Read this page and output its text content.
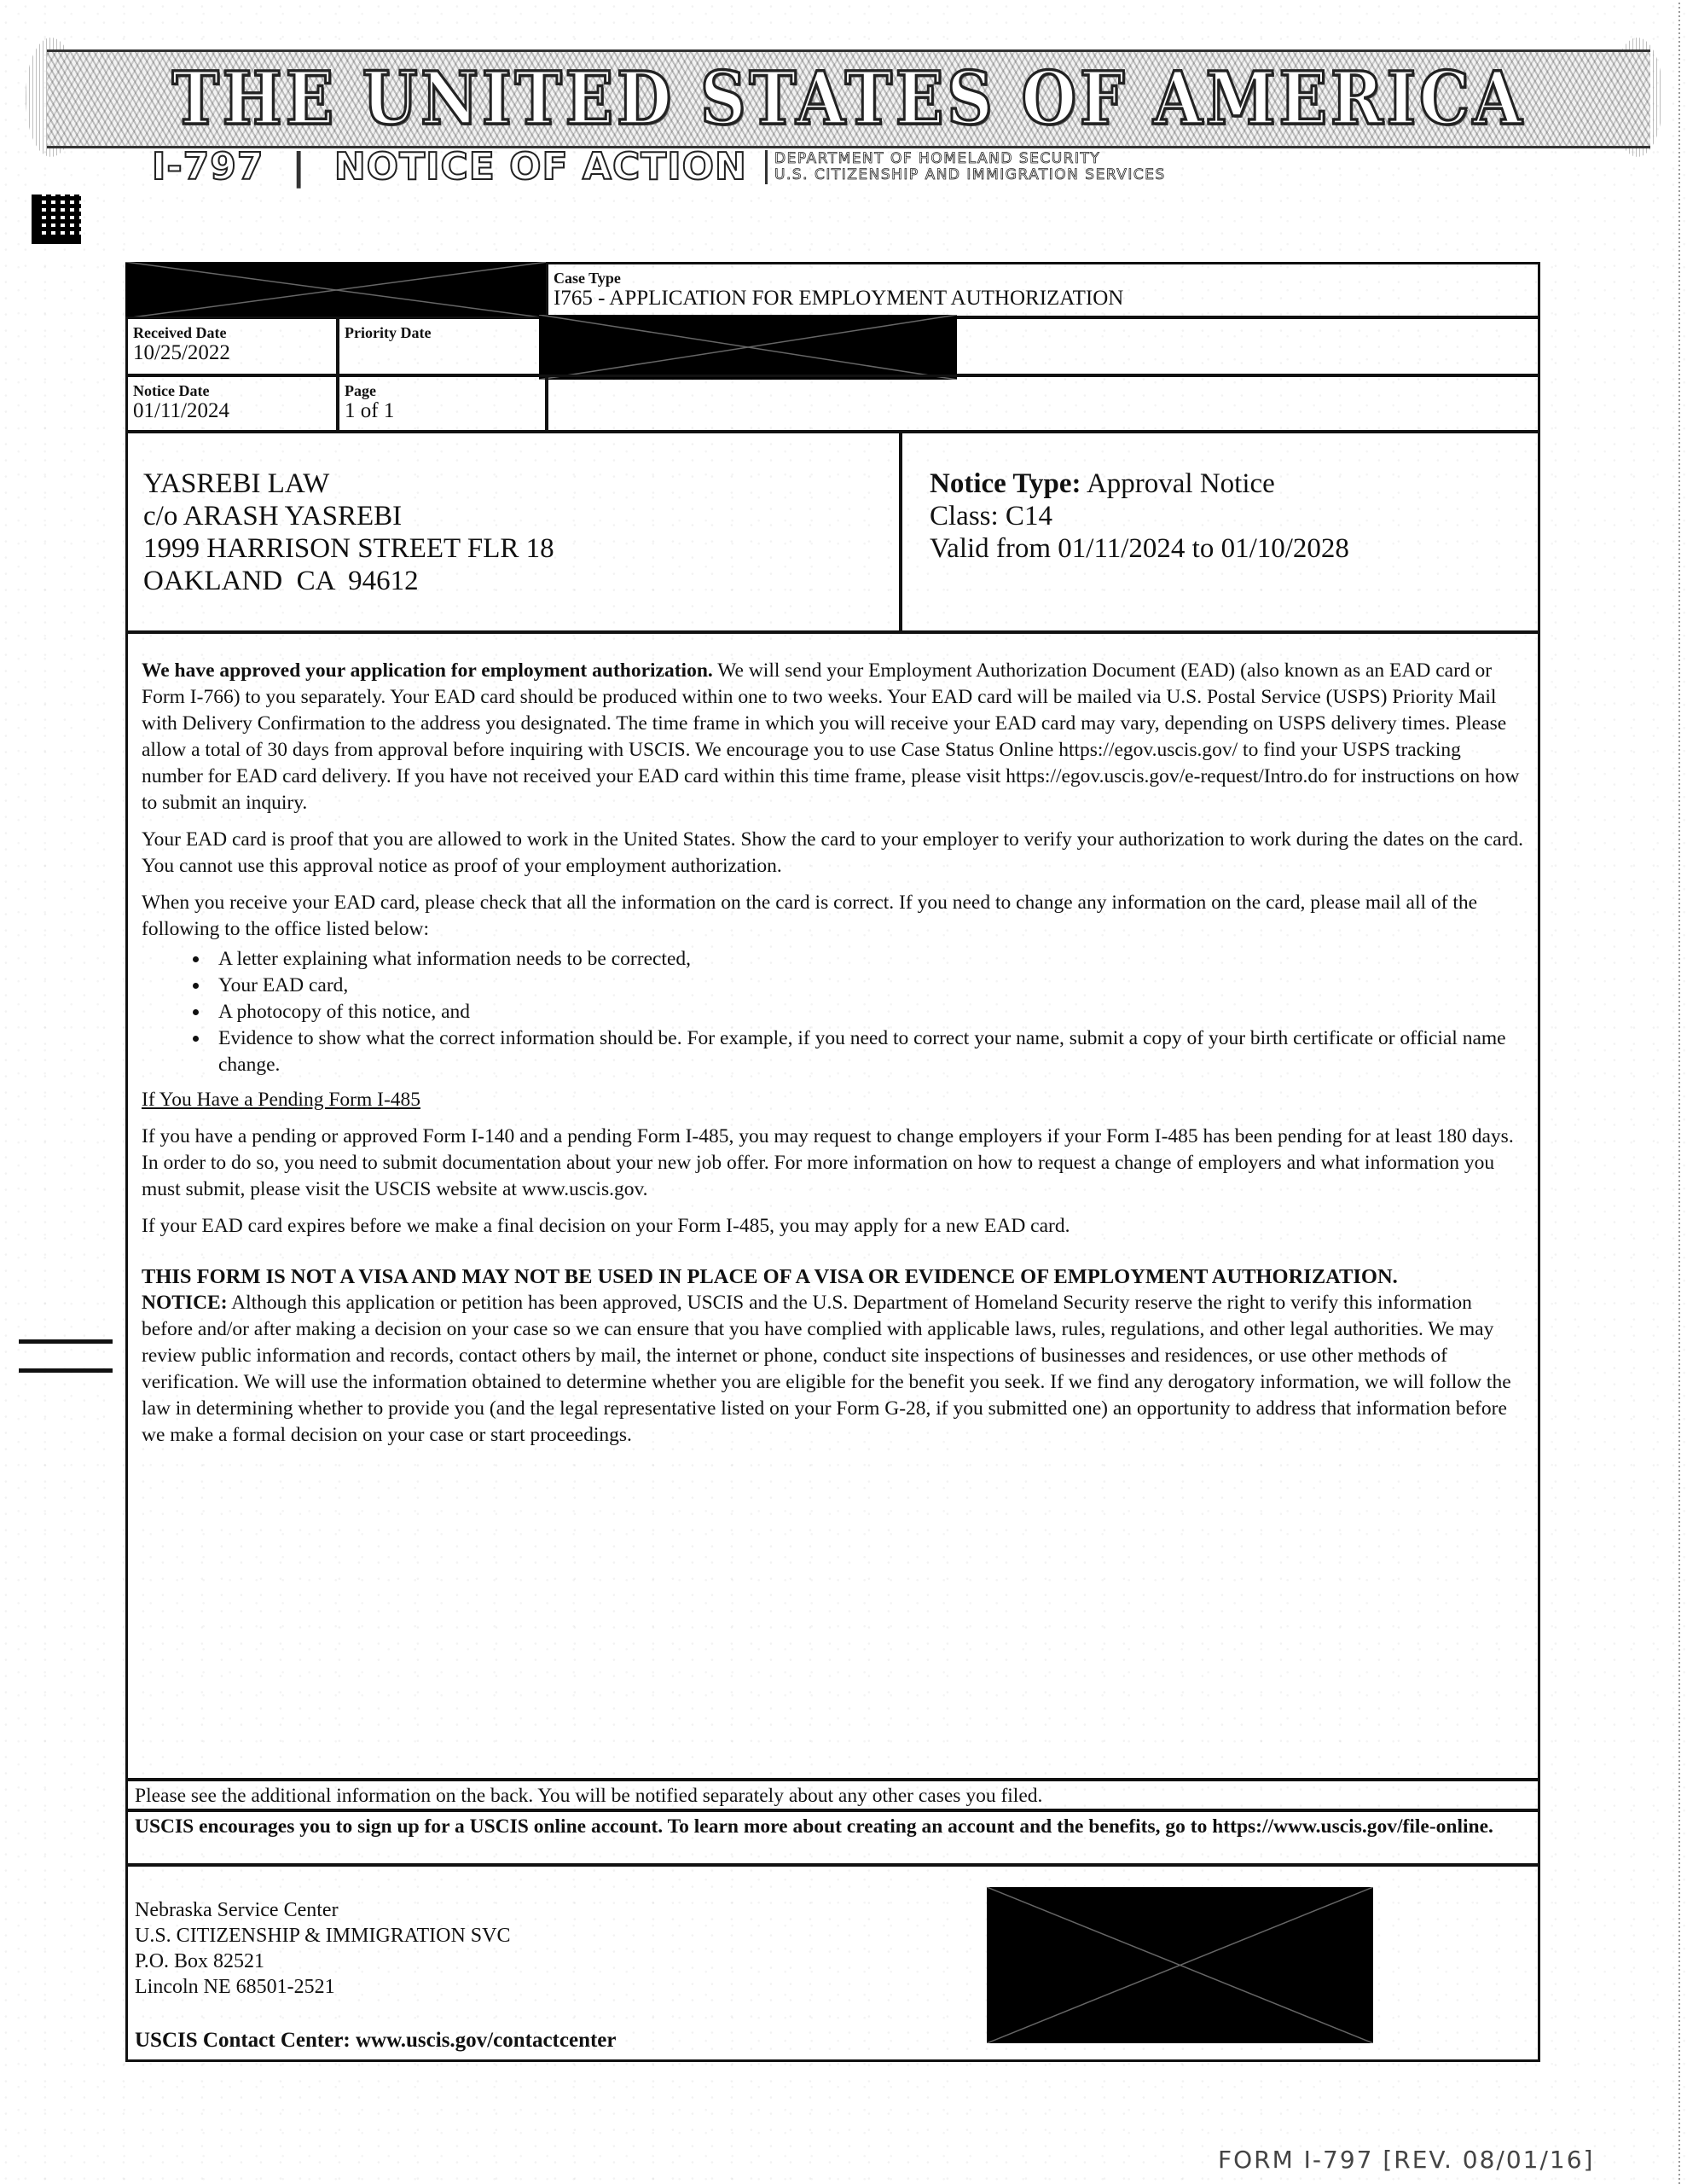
THE UNITED STATES OF AMERICA
I-797  |  NOTICE OF ACTION DEPARTMENT OF HOMELAND SECURITY
U.S. CITIZENSHIP AND IMMIGRATION SERVICES
Case Type
I765 - APPLICATION FOR EMPLOYMENT AUTHORIZATION
Received Date
10/25/2022
Priority Date
Notice Date
01/11/2024
Page
1 of 1
YASREBI LAW
c/o ARASH YASREBI
1999 HARRISON STREET FLR 18
OAKLAND  CA  94612
Notice Type: Approval Notice
Class: C14
Valid from 01/11/2024 to 01/10/2028

We have approved your application for employment authorization. We will send your Employment Authorization Document (EAD) (also known as an EAD card or Form I-766) to you separately. Your EAD card should be produced within one to two weeks. Your EAD card will be mailed via U.S. Postal Service (USPS) Priority Mail with Delivery Confirmation to the address you designated. The time frame in which you will receive your EAD card may vary, depending on USPS delivery times. Please allow a total of 30 days from approval before inquiring with USCIS. We encourage you to use Case Status Online https://egov.uscis.gov/ to find your USPS tracking number for EAD card delivery. If you have not received your EAD card within this time frame, please visit https://egov.uscis.gov/e-request/Intro.do for instructions on how to submit an inquiry.

Your EAD card is proof that you are allowed to work in the United States. Show the card to your employer to verify your authorization to work during the dates on the card. You cannot use this approval notice as proof of your employment authorization.

When you receive your EAD card, please check that all the information on the card is correct. If you need to change any information on the card, please mail all of the following to the office listed below:

• A letter explaining what information needs to be corrected,
• Your EAD card,
• A photocopy of this notice, and
• Evidence to show what the correct information should be. For example, if you need to correct your name, submit a copy of your birth certificate or official name change.

If You Have a Pending Form I-485

If you have a pending or approved Form I-140 and a pending Form I-485, you may request to change employers if your Form I-485 has been pending for at least 180 days. In order to do so, you need to submit documentation about your new job offer. For more information on how to request a change of employers and what information you must submit, please visit the USCIS website at www.uscis.gov.

If your EAD card expires before we make a final decision on your Form I-485, you may apply for a new EAD card.

THIS FORM IS NOT A VISA AND MAY NOT BE USED IN PLACE OF A VISA OR EVIDENCE OF EMPLOYMENT AUTHORIZATION.
NOTICE: Although this application or petition has been approved, USCIS and the U.S. Department of Homeland Security reserve the right to verify this information before and/or after making a decision on your case so we can ensure that you have complied with applicable laws, rules, regulations, and other legal authorities. We may review public information and records, contact others by mail, the internet or phone, conduct site inspections of businesses and residences, or use other methods of verification. We will use the information obtained to determine whether you are eligible for the benefit you seek. If we find any derogatory information, we will follow the law in determining whether to provide you (and the legal representative listed on your Form G-28, if you submitted one) an opportunity to address that information before we make a formal decision on your case or start proceedings.
Please see the additional information on the back. You will be notified separately about any other cases you filed.
USCIS encourages you to sign up for a USCIS online account. To learn more about creating an account and the benefits, go to https://www.uscis.gov/file-online.
Nebraska Service Center
U.S. CITIZENSHIP & IMMIGRATION SVC
P.O. Box 82521
Lincoln NE 68501-2521
USCIS Contact Center: www.uscis.gov/contactcenter
FORM I-797 [REV. 08/01/16]
